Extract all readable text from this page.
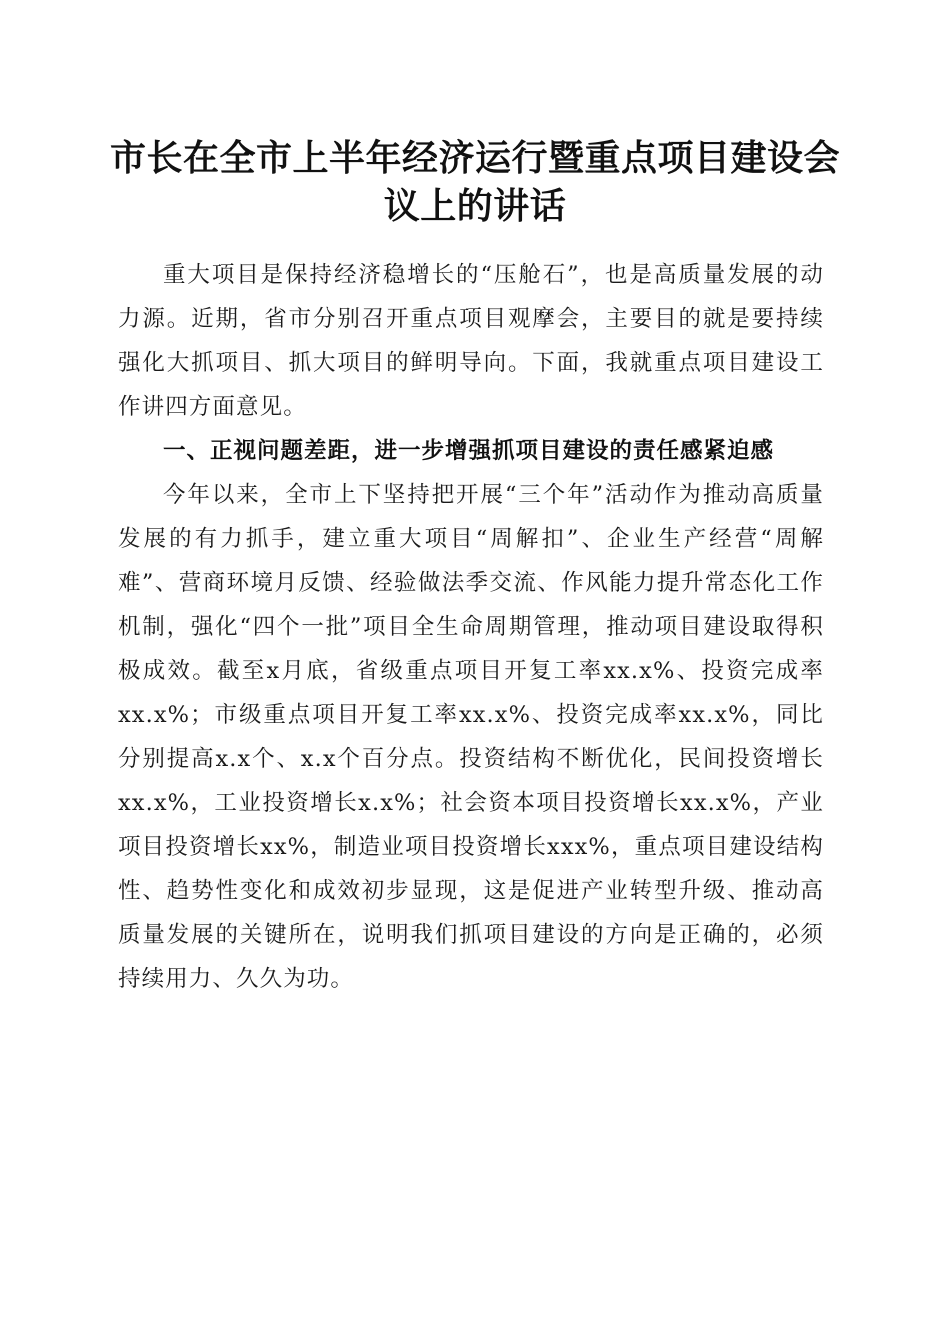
市长在全市上半年经济运行暨重点项目建设会议上的讲话

重大项目是保持经济稳增长的“压舱石”，也是高质量发展的动力源。近期，省市分别召开重点项目观摩会，主要目的就是要持续强化大抓项目、抓大项目的鲜明导向。下面，我就重点项目建设工作讲四方面意见。

一、正视问题差距，进一步增强抓项目建设的责任感紧迫感

今年以来，全市上下坚持把开展“三个年”活动作为推动高质量发展的有力抓手，建立重大项目“周解扣”、企业生产经营“周解难”、营商环境月反馈、经验做法季交流、作风能力提升常态化工作机制，强化“四个一批”项目全生命周期管理，推动项目建设取得积极成效。截至x月底，省级重点项目开复工率xx.x%、投资完成率xx.x%；市级重点项目开复工率xx.x%、投资完成率xx.x%，同比分别提高x.x个、x.x个百分点。投资结构不断优化，民间投资增长xx.x%，工业投资增长x.x%；社会资本项目投资增长xx.x%，产业项目投资增长xx%，制造业项目投资增长xxx%，重点项目建设结构性、趋势性变化和成效初步显现，这是促进产业转型升级、推动高质量发展的关键所在，说明我们抓项目建设的方向是正确的，必须持续用力、久久为功。
